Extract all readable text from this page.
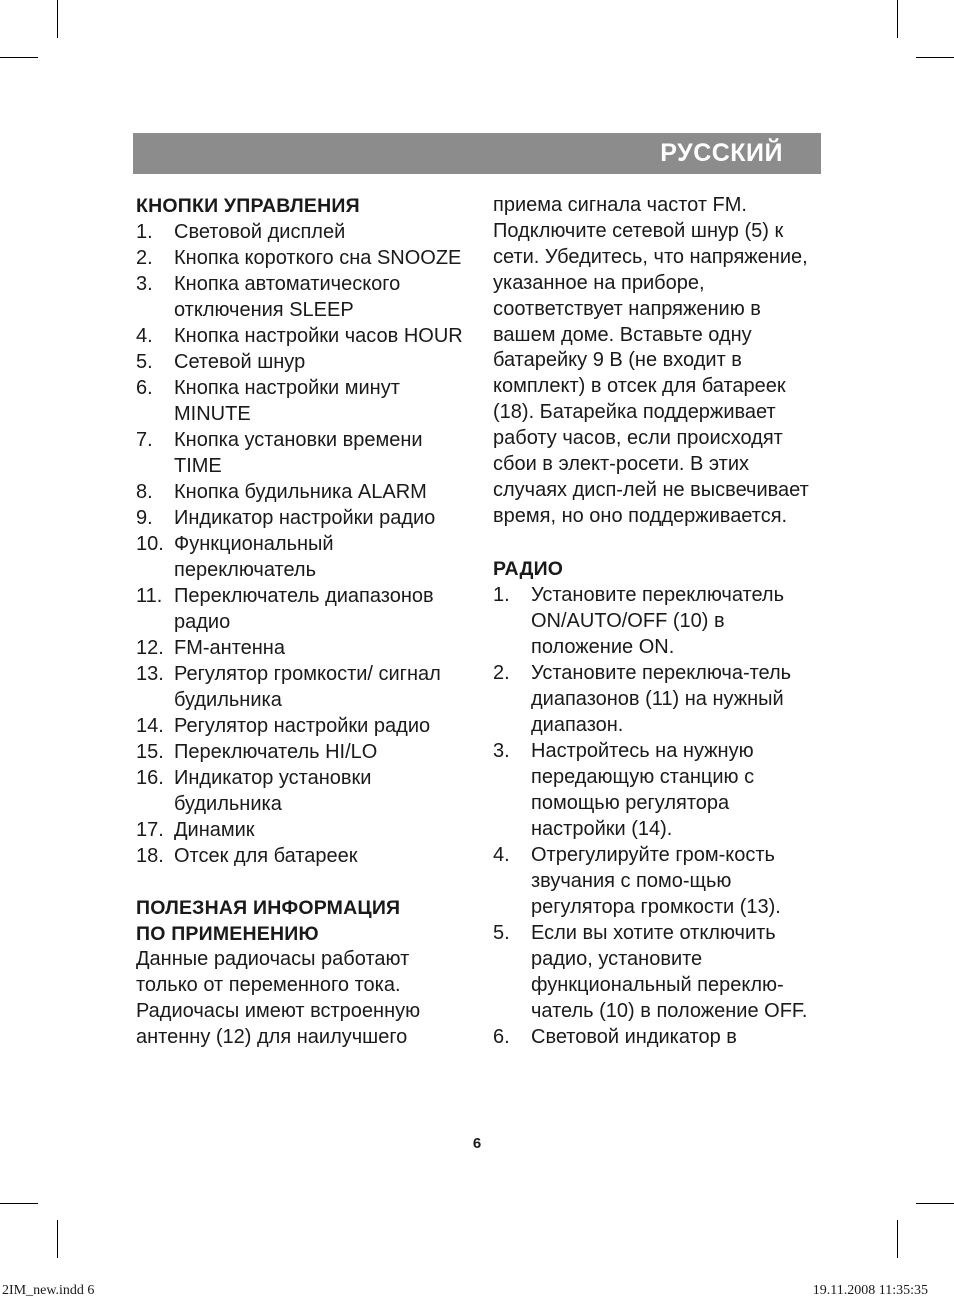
РУССКИЙ
КНОПКИ УПРАВЛЕНИЯ
1. Световой дисплей
2. Кнопка короткого сна SNOOZE
3. Кнопка автоматического отключения SLEEP
4. Кнопка настройки часов HOUR
5. Сетевой шнур
6. Кнопка настройки минут MINUTE
7. Кнопка установки времени TIME
8. Кнопка будильника ALARM
9. Индикатор настройки радио
10. Функциональный переключатель
11. Переключатель диапазонов радио
12. FM-антенна
13. Регулятор громкости/ сигнал будильника
14. Регулятор настройки радио
15. Переключатель HI/LO
16. Индикатор установки будильника
17. Динамик
18. Отсек для батареек
ПОЛЕЗНАЯ ИНФОРМАЦИЯ
ПО ПРИМЕНЕНИЮ
Данные радиочасы работают только от переменного тока. Радиочасы имеют встроенную антенну (12) для наилучшего
приема сигнала частот FM. Подключите сетевой шнур (5) к сети. Убедитесь, что напряжение, указанное на приборе, соответствует напряжению в вашем доме. Вставьте одну батарейку 9 В (не входит в комплект) в отсек для батареек (18). Батарейка поддерживает работу часов, если происходят сбои в элект-росети. В этих случаях дисп-лей не высвечивает время, но оно поддерживается.
РАДИО
1. Установите переключатель ON/AUTO/OFF (10) в положение ON.
2. Установите переключа-тель диапазонов (11) на нужный диапазон.
3. Настройтесь на нужную передающую станцию с помощью регулятора настройки (14).
4. Отрегулируйте гром-кость звучания с помо-щью регулятора громкости (13).
5. Если вы хотите отключить радио, установите функциональный переклю-чатель (10) в положение OFF.
6. Световой индикатор в
6
2IM_new.indd 6	19.11.2008 11:35:35
